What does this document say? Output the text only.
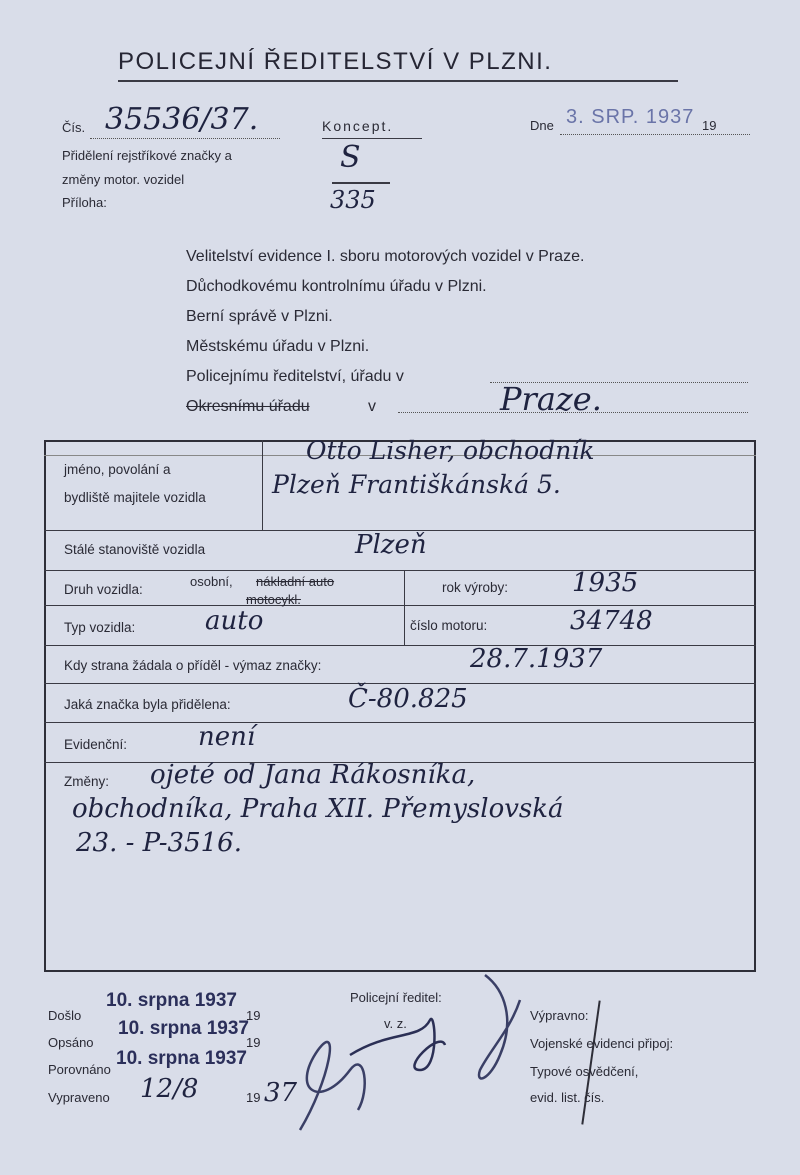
POLICEJNÍ ŘEDITELSTVÍ V PLZNI.
Čís. 35536/37.	Koncept.
S
335
Dne 3. SRP. 1937 19
Přidělení rejstříkové značky a
změny motor. vozidel
Příloha:
Velitelství evidence I. sboru motorových vozidel v Praze.
Důchodkovému kontrolnímu úřadu v Plzni.
Berní správě v Plzni.
Městskému úřadu v Plzni.
Policejnímu ředitelství, úřadu v
Okresnímu úřadu	v	Praze.
jméno, povolání a
bydliště majitele vozidla
Otto Lisher, obchodník
Plzeň Františkánská 5.
Stálé stanoviště vozidla	Plzeň
Druh vozidla:
osobní, nákladní auto
motocykl.
rok výroby: 1935
Typ vozidla:	auto	číslo motoru:	34748
Kdy strana žádala o příděl - výmaz značky:	28.7.1937
Jaká značka byla přidělena:	Č-80.825
Evidenční:	není
Změny: ojeté od Jana Rákosníka,
obchodníka, Praha XII. Přemyslovská
23. - P-3516.
Došlo
10. srpna 1937
19
Opsáno
10. srpna 1937
19
Porovnáno
10. srpna 1937
Vypraveno 12/8	19 37
Policejní ředitel:
v. z.
Výpravno:
Vojenské evidenci připoj:
Typové osvědčení,
evid. list. čís.
